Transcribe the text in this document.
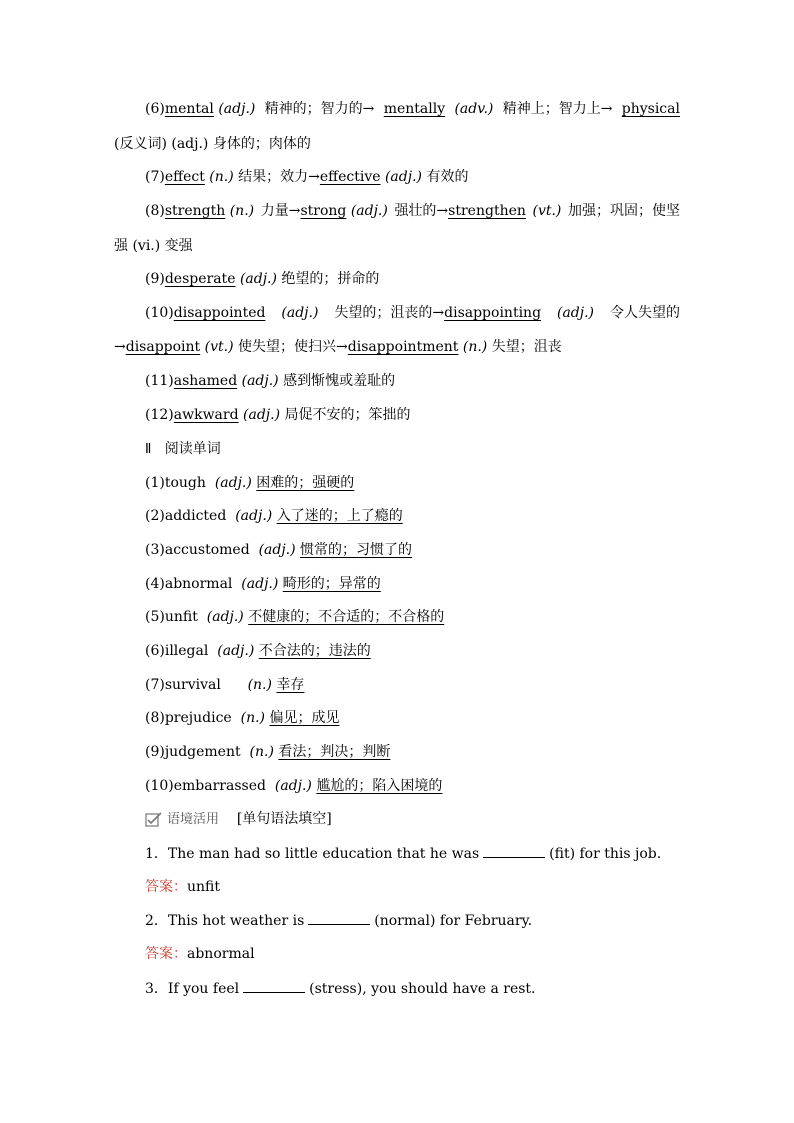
(6)mental (adj.) 精神的；智力的→ mentally (adv.) 精神上；智力上→ physical
(反义词) (adj.) 身体的；肉体的
(7)effect (n.) 结果；效力→effective (adj.) 有效的
(8)strength (n.) 力量→strong (adj.) 强壮的→strengthen (vt.) 加强；巩固；使坚
强 (vi.) 变强
(9)desperate (adj.) 绝望的；拼命的
(10)disappointed (adj.) 失望的；沮丧的→disappointing (adj.) 令人失望的
→disappoint (vt.) 使失望；使扫兴→disappointment (n.) 失望；沮丧
(11)ashamed (adj.) 感到惭愧或羞耻的
(12)awkward (adj.) 局促不安的；笨拙的
Ⅱ 阅读单词
(1)tough (adj.) 困难的；强硬的
(2)addicted (adj.) 入了迷的；上了瘾的
(3)accustomed (adj.) 惯常的；习惯了的
(4)abnormal (adj.) 畸形的；异常的
(5)unfit (adj.) 不健康的；不合适的；不合格的
(6)illegal (adj.) 不合法的；违法的
(7)survival (n.) 幸存
(8)prejudice (n.) 偏见；成见
(9)judgement (n.) 看法；判决；判断
(10)embarrassed (adj.) 尴尬的；陷入困境的
语境活用 [单句语法填空]
1．The man had so little education that he was	(fit) for this job.
答案：unfit
2．This hot weather is	(normal) for February.
答案：abnormal
3．If you feel	(stress), you should have a rest.
